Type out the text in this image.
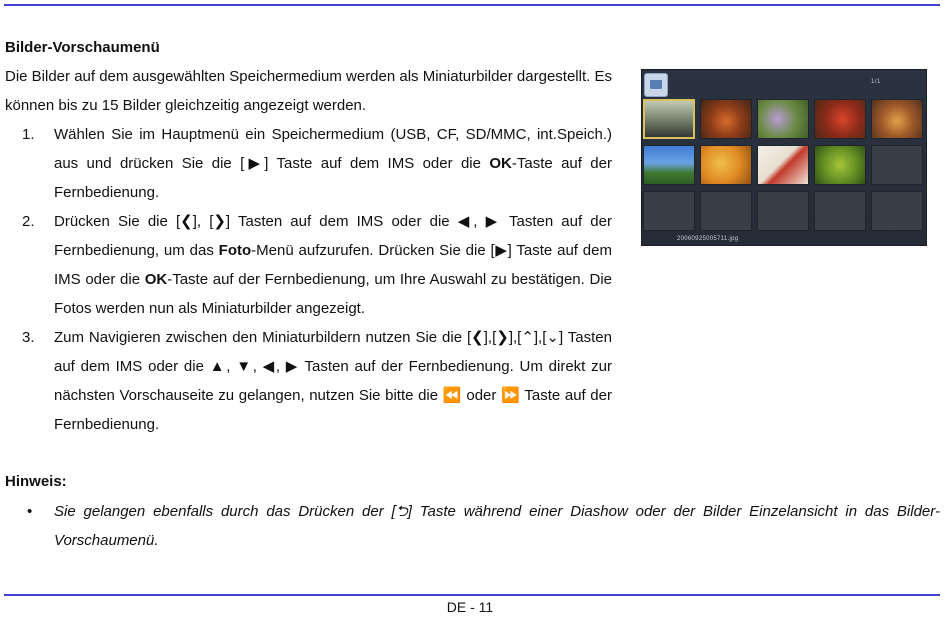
Bilder-Vorschaumenü

Die Bilder auf dem ausgewählten Speichermedium werden als Miniaturbilder dargestellt. Es können bis zu 15 Bilder gleichzeitig angezeigt werden.

1. Wählen Sie im Hauptmenü ein Speichermedium (USB, CF, SD/MMC, int.Speich.) aus und drücken Sie die [▶] Taste auf dem IMS oder die OK-Taste auf der Fernbedienung.
2. Drücken Sie die [❮], [❯] Tasten auf dem IMS oder die ◀, ▶ Tasten auf der Fernbedienung, um das Foto-Menü aufzurufen. Drücken Sie die [▶] Taste auf dem IMS oder die OK-Taste auf der Fernbedienung, um Ihre Auswahl zu bestätigen. Die Fotos werden nun als Miniaturbilder angezeigt.
3. Zum Navigieren zwischen den Miniaturbildern nutzen Sie die [❮],[❯],[⌃],[⌄] Tasten auf dem IMS oder die ▲, ▼, ◀, ▶ Tasten auf der Fernbedienung. Um direkt zur nächsten Vorschauseite zu gelangen, nutzen Sie bitte die ⏪ oder ⏩ Taste auf der Fernbedienung.

Hinweis:

• Sie gelangen ebenfalls durch das Drücken der [⮌] Taste während einer Diashow oder der Bilder Einzelansicht in das Bilder-Vorschaumenü.
1/1
20060925005711.jpg
DE - 11
